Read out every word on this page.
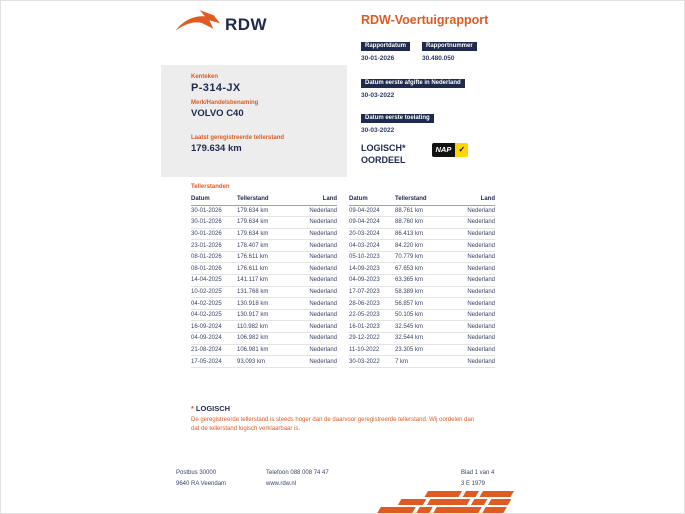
RDW	RDW-Voertuigrapport
Rapportdatum
30-01-2026
Rapportnummer
30.480.050
Kenteken
P-314-JX
Merk/Handelsbenaming
VOLVO C40
Laatst geregistreerde tellerstand
179.634 km
Datum eerste afgifte in Nederland
30-03-2022
Datum eerste toelating
30-03-2022
LOGISCH*
OORDEEL
NAP ✓
Tellerstanden
Datum	Tellerstand	Land
30-01-2026	179.634 km	Nederland
30-01-2026	179.634 km	Nederland
30-01-2026	179.634 km	Nederland
23-01-2026	178.407 km	Nederland
08-01-2026	176.611 km	Nederland
08-01-2026	176.611 km	Nederland
14-04-2025	141.117 km	Nederland
10-02-2025	131.768 km	Nederland
04-02-2025	130.918 km	Nederland
04-02-2025	130.917 km	Nederland
16-09-2024	110.982 km	Nederland
04-09-2024	106.982 km	Nederland
21-08-2024	106.981 km	Nederland
17-05-2024	93.093 km	Nederland
Datum	Tellerstand	Land
09-04-2024	88.761 km	Nederland
09-04-2024	88.760 km	Nederland
20-03-2024	86.413 km	Nederland
04-03-2024	84.220 km	Nederland
05-10-2023	70.779 km	Nederland
14-09-2023	67.653 km	Nederland
04-09-2023	63.365 km	Nederland
17-07-2023	58.389 km	Nederland
28-06-2023	56.857 km	Nederland
22-05-2023	50.105 km	Nederland
16-01-2023	32.545 km	Nederland
29-12-2022	32.544 km	Nederland
11-10-2022	23.305 km	Nederland
30-03-2022	7 km	Nederland
* LOGISCH
De geregistreerde tellerstand is steeds hoger dan de daarvoor geregistreerde tellerstand. Wij oordelen dan dat de tellerstand logisch verklaarbaar is.
Postbus 30000
9640 RA Veendam
Telefoon 088 008 74 47
www.rdw.nl
Blad 1 van 4
3 E 1979
